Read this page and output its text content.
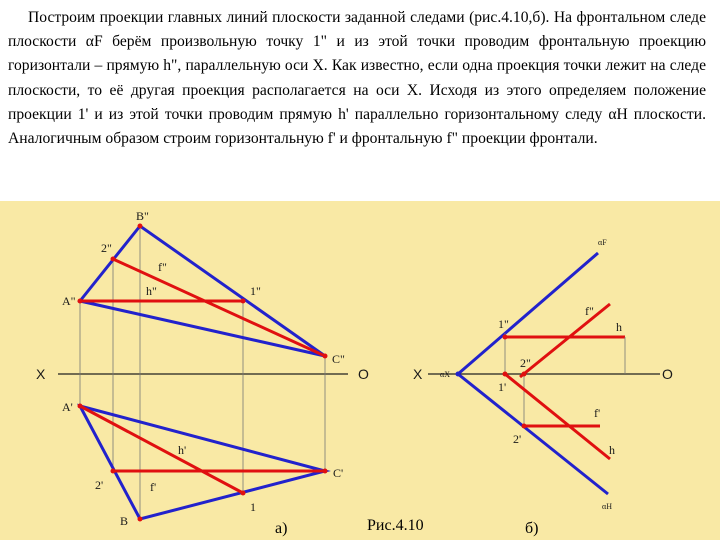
Построим проекции главных линий плоскости заданной следами (рис.4.10,б). На фронтальном следе плоскости αF берём произвольную точку 1" и из этой точки проводим фронтальную проекцию горизонтали – прямую h", параллельную оси X. Как известно, если одна проекция точки лежит на следе плоскости, то её другая проекция располагается на оси X. Исходя из этого определяем положение проекции 1' и из этой точки проводим прямую h' параллельно горизонтальному следу αH плоскости. Аналогичным образом строим горизонтальную f' и фронтальную f" проекции фронтали.

X	O
B"
A"
C"
2"
f"
h"	1"
A'
B
C'
2'
h'
f'
1
X	O
αF
αX
αH
1"
f"
h
2"
1'
f'
2'
h
а)	Рис.4.10	б)
